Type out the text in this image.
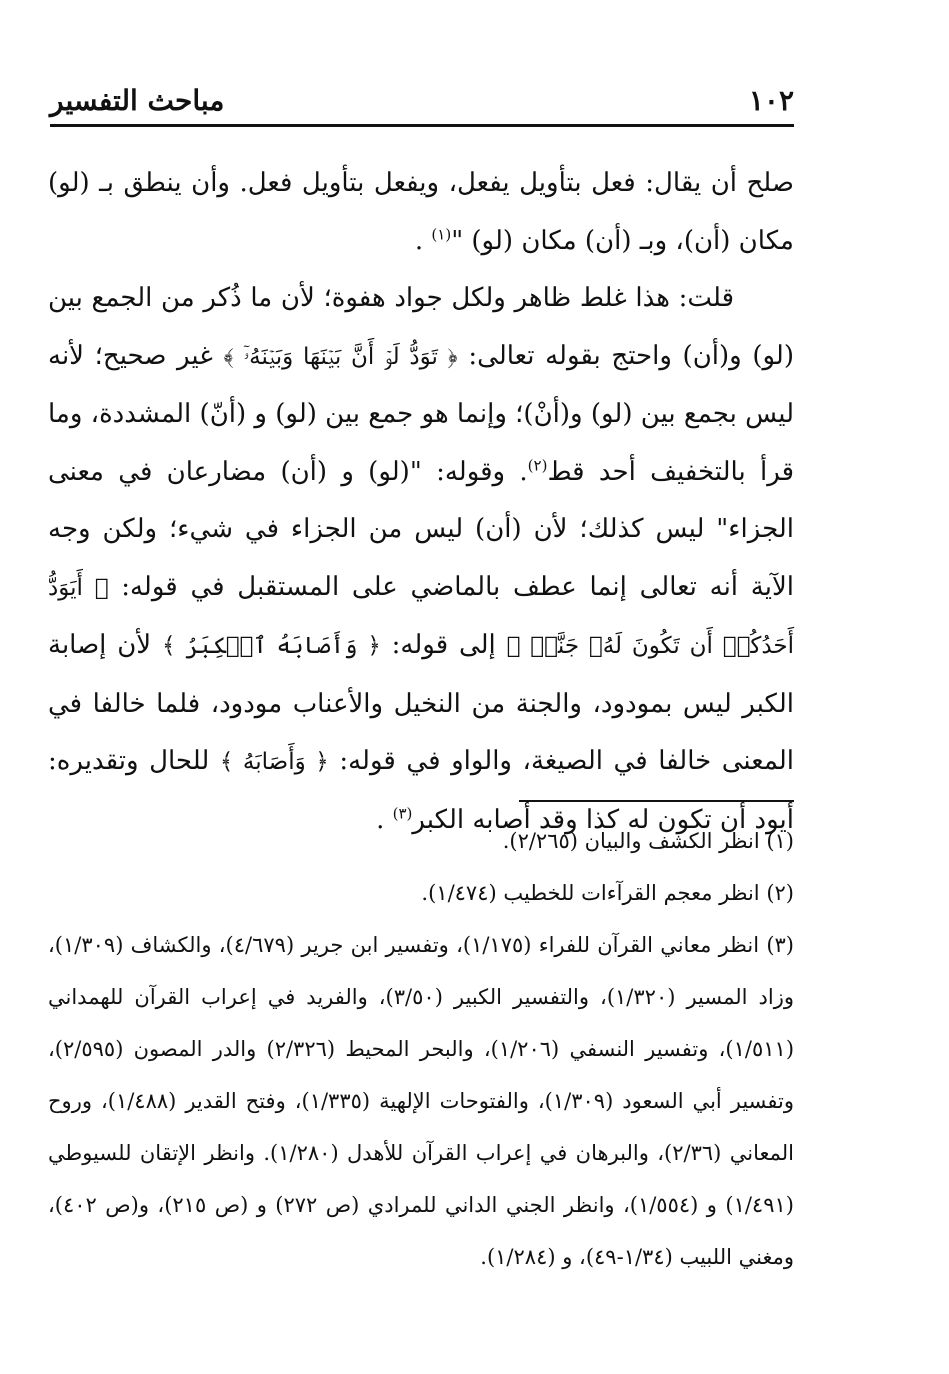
مباحث التفسير	١٠٢

صلح أن يقال: فعل بتأويل يفعل، ويفعل بتأويل فعل. وأن ينطق بـ (لو) مكان (أن)، وبـ (أن) مكان (لو) "$^{(١)}$ .

قلت: هذا غلط ظاهر ولكل جواد هفوة؛ لأن ما ذُكر من الجمع بين (لو) و(أن) واحتج بقوله تعالى: ﴿ تَوَدُّ لَوۡ أَنَّ بَيۡنَهَا وَبَيۡنَهُۥٓ ﴾ غير صحيح؛ لأنه ليس بجمع بين (لو) و(أنْ)؛ وإنما هو جمع بين (لو) و (أنّ) المشددة، وما قرأ بالتخفيف أحد قط$^{(٢)}$. وقوله: "(لو) و (أن) مضارعان في معنى الجزاء" ليس كذلك؛ لأن (أن) ليس من الجزاء في شيء؛ ولكن وجه الآية أنه تعالى إنما عطف بالماضي على المستقبل في قوله: ﴿ أَيَوَدُّ أَحَدُكُمۡ أَن تَكُونَ لَهُۥ جَنَّةٞ ﴾ إلى قوله: ﴿ وَأَصَابَهُ ٱلۡكِبَرُ ﴾ لأن إصابة الكبر ليس بمودود، والجنة من النخيل والأعناب مودود، فلما خالفا في المعنى خالفا في الصيغة، والواو في قوله: ﴿ وَأَصَابَهُ ﴾ للحال وتقديره: أيود أن تكون له كذا وقد أصابه الكبر$^{(٣)}$ .

(١) انظر الكشف والبيان (٢/٢٦٥).

(٢) انظر معجم القرآءات للخطيب (١/٤٧٤).

(٣) انظر معاني القرآن للفراء (١/١٧٥)، وتفسير ابن جرير (٤/٦٧٩)، والكشاف (١/٣٠٩)، وزاد المسير (١/٣٢٠)، والتفسير الكبير (٣/٥٠)، والفريد في إعراب القرآن للهمداني (١/٥١١)، وتفسير النسفي (١/٢٠٦)، والبحر المحيط (٢/٣٢٦) والدر المصون (٢/٥٩٥)، وتفسير أبي السعود (١/٣٠٩)، والفتوحات الإلهية (١/٣٣٥)، وفتح القدير (١/٤٨٨)، وروح المعاني (٢/٣٦)، والبرهان في إعراب القرآن للأهدل (١/٢٨٠). وانظر الإتقان للسيوطي (١/٤٩١) و (١/٥٥٤)، وانظر الجني الداني للمرادي (ص ٢٧٢) و (ص ٢١٥)، و(ص ٤٠٢)، ومغني اللبيب (١/٣٤-٤٩)، و (١/٢٨٤).
